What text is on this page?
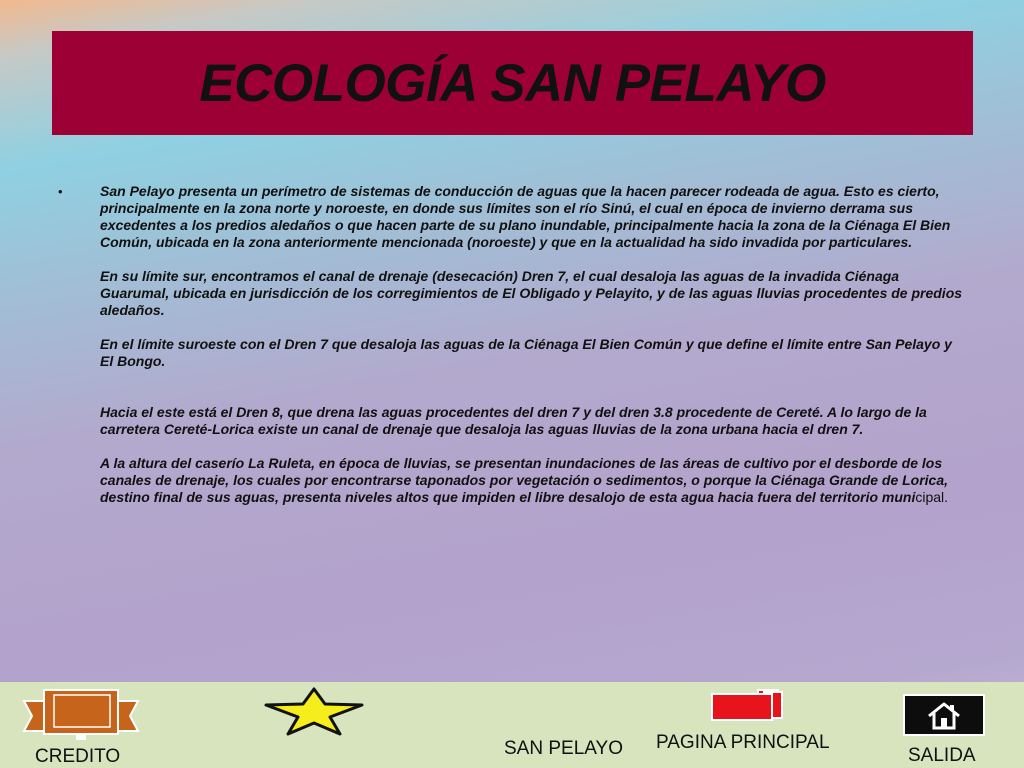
ECOLOGÍA SAN PELAYO
•	San Pelayo presenta un perímetro de sistemas de conducción de aguas que la hacen parecer rodeada de agua. Esto es cierto, principalmente en la zona norte y noroeste, en donde sus límites son el río Sinú, el cual en época de invierno derrama sus excedentes a los predios aledaños o que hacen parte de su plano inundable, principalmente hacia la zona de la Ciénaga El Bien Común, ubicada en la zona anteriormente mencionada (noroeste) y que en la actualidad ha sido invadida por particulares.

En su límite sur, encontramos el canal de drenaje (desecación) Dren 7, el cual desaloja las aguas de la invadida Ciénaga Guarumal, ubicada en jurisdicción de los corregimientos de El Obligado y Pelayito, y de las aguas lluvias procedentes de predios aledaños.

En el límite suroeste con el Dren 7 que desaloja las aguas de la Ciénaga El Bien Común y que define el límite entre San Pelayo y El Bongo.

Hacia el este está el Dren 8, que drena las aguas procedentes del dren 7 y del dren 3.8 procedente de Cereté. A lo largo de la carretera Cereté-Lorica existe un canal de drenaje que desaloja las aguas lluvias de la zona urbana hacia el dren 7.

A la altura del caserío La Ruleta, en época de lluvias, se presentan inundaciones de las áreas de cultivo por el desborde de los canales de drenaje, los cuales por encontrarse taponados por vegetación o sedimentos, o porque la Ciénaga Grande de Lorica, destino final de sus aguas, presenta niveles altos que impiden el libre desalojo de esta agua hacia fuera del territorio municipal.

CREDITO	SAN PELAYO PAGINA PRINCIPAL
SALIDA
